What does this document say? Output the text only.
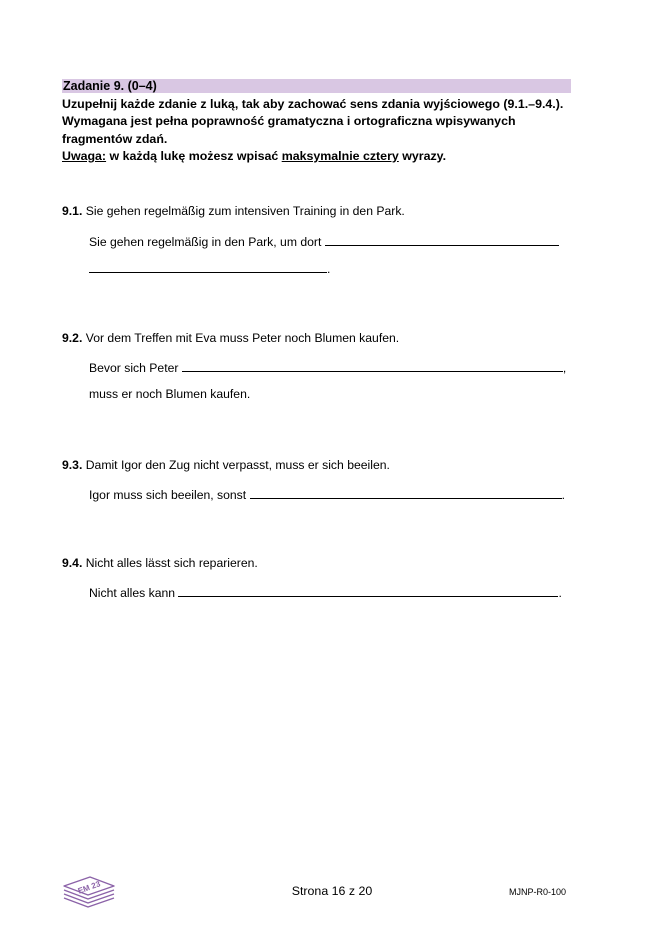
Zadanie 9. (0–4)

Uzupełnij każde zdanie z luką, tak aby zachować sens zdania wyjściowego (9.1.–9.4.).

Wymagana jest pełna poprawność gramatyczna i ortograficzna wpisywanych

fragmentów zdań.

Uwaga: w każdą lukę możesz wpisać maksymalnie cztery wyrazy.

9.1. Sie gehen regelmäßig zum intensiven Training in den Park.
Sie gehen regelmäßig in den Park, um dort
.
9.2. Vor dem Treffen mit Eva muss Peter noch Blumen kaufen.
Bevor sich Peter	,
muss er noch Blumen kaufen.
9.3. Damit Igor den Zug nicht verpasst, muss er sich beeilen.
Igor muss sich beeilen, sonst	.
9.4. Nicht alles lässt sich reparieren.
Nicht alles kann	.
EM 23	Strona 16 z 20	MJNP-R0-100
